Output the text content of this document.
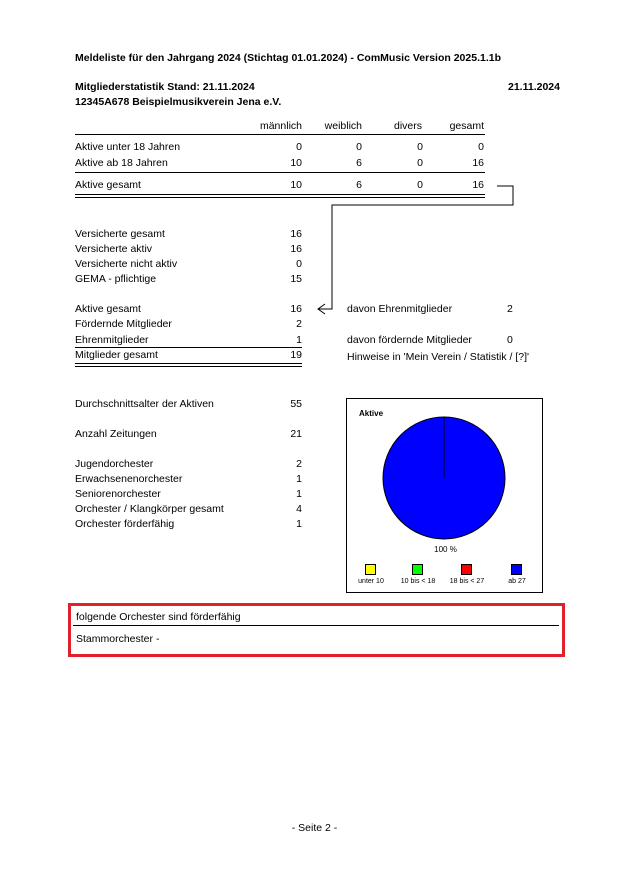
Meldeliste für den Jahrgang 2024 (Stichtag 01.01.2024) - ComMusic Version 2025.1.1b
Mitgliederstatistik Stand: 21.11.2024	21.11.2024
12345A678 Beispielmusikverein Jena e.V.
männlich	weiblich	divers	gesamt
Aktive unter 18 Jahren	0	0	0	0
Aktive ab 18 Jahren	10	6	0	16
Aktive gesamt	10	6	0	16
Versicherte gesamt	16
Versicherte aktiv	16
Versicherte nicht aktiv	0
GEMA - pflichtige	15
Aktive gesamt	16
Fördernde Mitglieder	2
Ehrenmitglieder	1
Mitglieder gesamt	19
davon Ehrenmitglieder	2
davon fördernde Mitglieder	0
Hinweise in 'Mein Verein / Statistik / [?]'
Durchschnittsalter der Aktiven	55
Anzahl Zeitungen	21
Jugendorchester	2
Erwachsenenorchester	1
Seniorenorchester	1
Orchester / Klangkörper gesamt	4
Orchester förderfähig	1
Aktive
100 %
unter 10	10 bis < 18	18 bis < 27	ab 27
folgende Orchester sind förderfähig
Stammorchester -
- Seite 2 -
